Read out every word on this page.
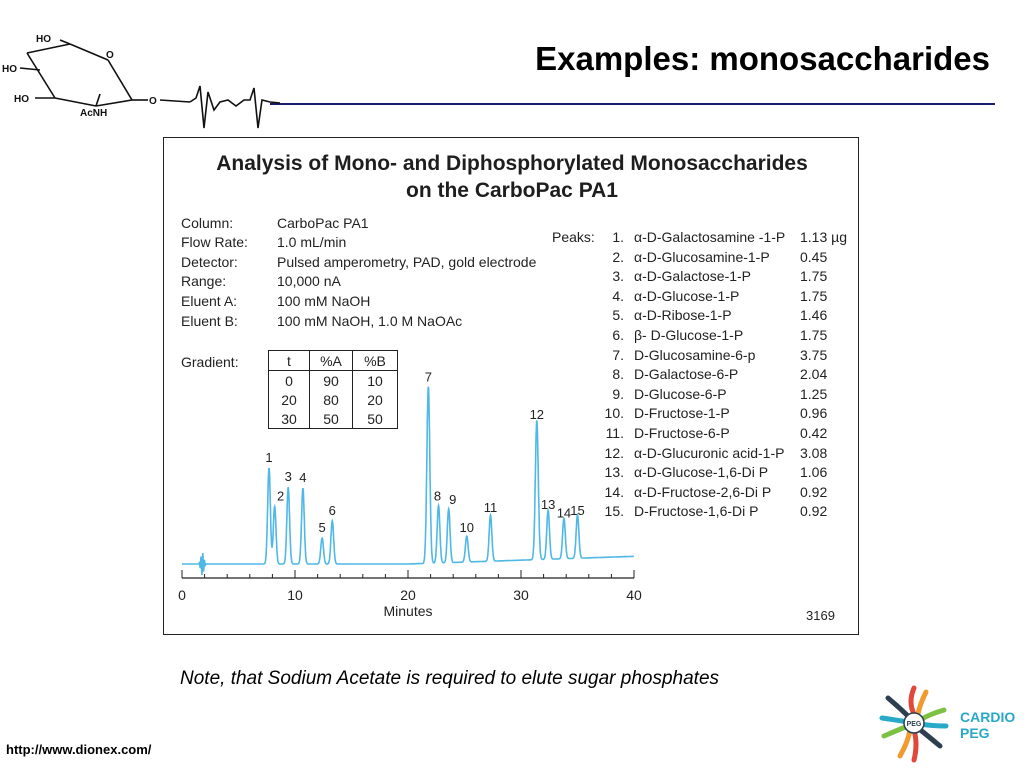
Examples: monosaccharides
HO
HO
HO
AcNH
O
O
Analysis of Mono- and Diphosphorylated Monosaccharides
on the CarboPac PA1
Column:	CarboPac PA1
Flow Rate: 1.0 mL/min
Detector:	Pulsed amperometry, PAD, gold electrode
Range:	10,000 nA
Eluent A:	100 mM NaOH
Eluent B:	100 mM NaOH, 1.0 M NaOAc
Gradient:	t	%A	%B
0	90	10
20	80	20
30	50	50
Peaks:	1. α-D-Galactosamine -1-P 1.13 µg
2. α-D-Glucosamine-1-P 0.45
3. α-D-Galactose-1-P	1.75
4. α-D-Glucose-1-P	1.75
5. α-D-Ribose-1-P	1.46
6. β- D-Glucose-1-P	1.75
7. D-Glucosamine-6-p	3.75
8. D-Galactose-6-P	2.04
9. D-Glucose-6-P	1.25
10. D-Fructose-1-P	0.96
11. D-Fructose-6-P	0.42
12. α-D-Glucuronic acid-1-P 3.08
13. α-D-Glucose-1,6-Di P 1.06
14. α-D-Fructose-2,6-Di P 0.92
15. D-Fructose-1,6-Di P	0.92
0	10	20	30	40
1
2
3 4
5
6
7
8 9
10
11
12
13
14 15
Minutes	3169
Note, that Sodium Acetate is required to elute sugar phosphates
http://www.dionex.com/
PEG	CARDIO
PEG
